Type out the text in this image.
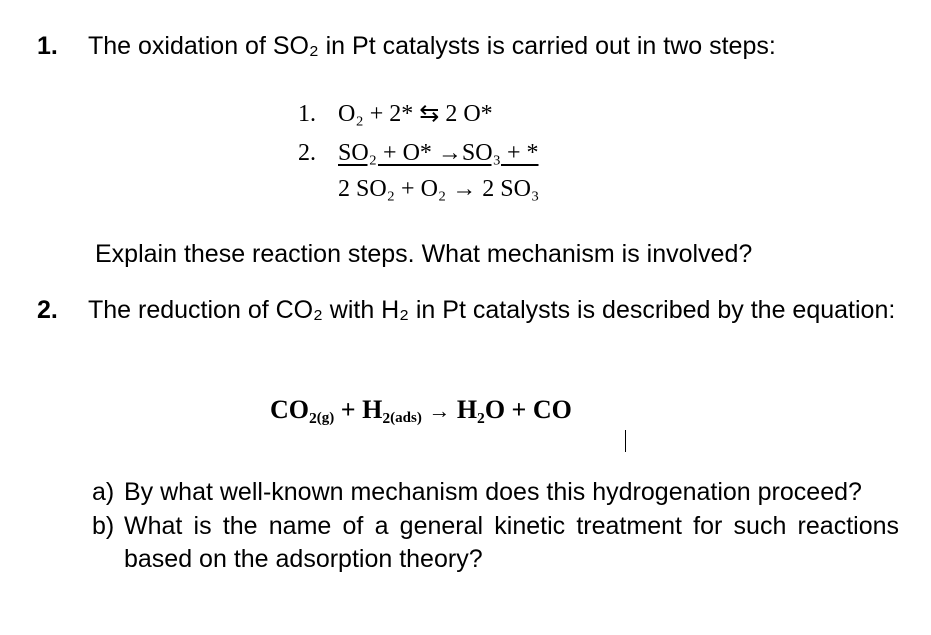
1. The oxidation of SO₂ in Pt catalysts is carried out in two steps:
1. O₂ + 2* ⇆ 2 O*
2. SO₂ + O* →SO₃ + *
2 SO₂ + O₂ → 2 SO₃
Explain these reaction steps. What mechanism is involved?
2. The reduction of CO₂ with H₂ in Pt catalysts is described by the equation:
CO₂(g) + H₂(ads) → H₂O + CO
a) By what well-known mechanism does this hydrogenation proceed?
b) What is the name of a general kinetic treatment for such reactions based on the adsorption theory?
